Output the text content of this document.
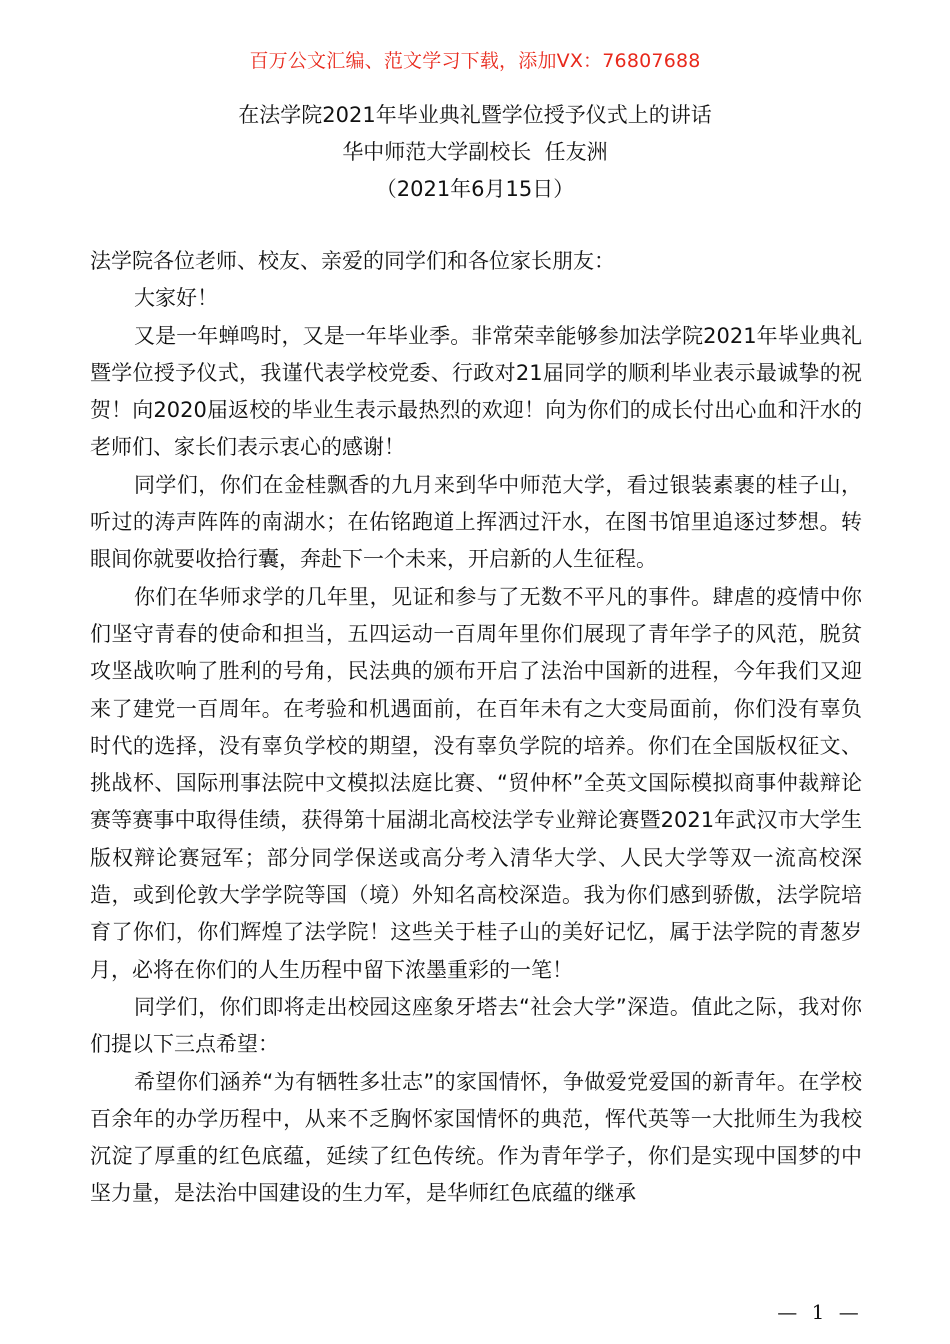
百万公文汇编、范文学习下载，添加VX：76807688
在法学院2021年毕业典礼暨学位授予仪式上的讲话
华中师范大学副校长  任友洲
（2021年6月15日）

法学院各位老师、校友、亲爱的同学们和各位家长朋友：

大家好！

又是一年蝉鸣时，又是一年毕业季。非常荣幸能够参加法学院2021年毕业典礼暨学位授予仪式，我谨代表学校党委、行政对21届同学的顺利毕业表示最诚挚的祝贺！向2020届返校的毕业生表示最热烈的欢迎！向为你们的成长付出心血和汗水的老师们、家长们表示衷心的感谢！

同学们，你们在金桂飘香的九月来到华中师范大学，看过银装素裹的桂子山，听过的涛声阵阵的南湖水；在佑铭跑道上挥洒过汗水，在图书馆里追逐过梦想。转眼间你就要收拾行囊，奔赴下一个未来，开启新的人生征程。

你们在华师求学的几年里，见证和参与了无数不平凡的事件。肆虐的疫情中你们坚守青春的使命和担当，五四运动一百周年里你们展现了青年学子的风范，脱贫攻坚战吹响了胜利的号角，民法典的颁布开启了法治中国新的进程，今年我们又迎来了建党一百周年。在考验和机遇面前，在百年未有之大变局面前，你们没有辜负时代的选择，没有辜负学校的期望，没有辜负学院的培养。你们在全国版权征文、挑战杯、国际刑事法院中文模拟法庭比赛、“贸仲杯”全英文国际模拟商事仲裁辩论赛等赛事中取得佳绩，获得第十届湖北高校法学专业辩论赛暨2021年武汉市大学生版权辩论赛冠军；部分同学保送或高分考入清华大学、人民大学等双一流高校深造，或到伦敦大学学院等国（境）外知名高校深造。我为你们感到骄傲，法学院培育了你们，你们辉煌了法学院！这些关于桂子山的美好记忆，属于法学院的青葱岁月，必将在你们的人生历程中留下浓墨重彩的一笔！

同学们，你们即将走出校园这座象牙塔去“社会大学”深造。值此之际，我对你们提以下三点希望：

希望你们涵养“为有牺牲多壮志”的家国情怀，争做爱党爱国的新青年。在学校百余年的办学历程中，从来不乏胸怀家国情怀的典范，恽代英等一大批师生为我校沉淀了厚重的红色底蕴，延续了红色传统。作为青年学子，你们是实现中国梦的中坚力量，是法治中国建设的生力军，是华师红色底蕴的继承

— 1 —
